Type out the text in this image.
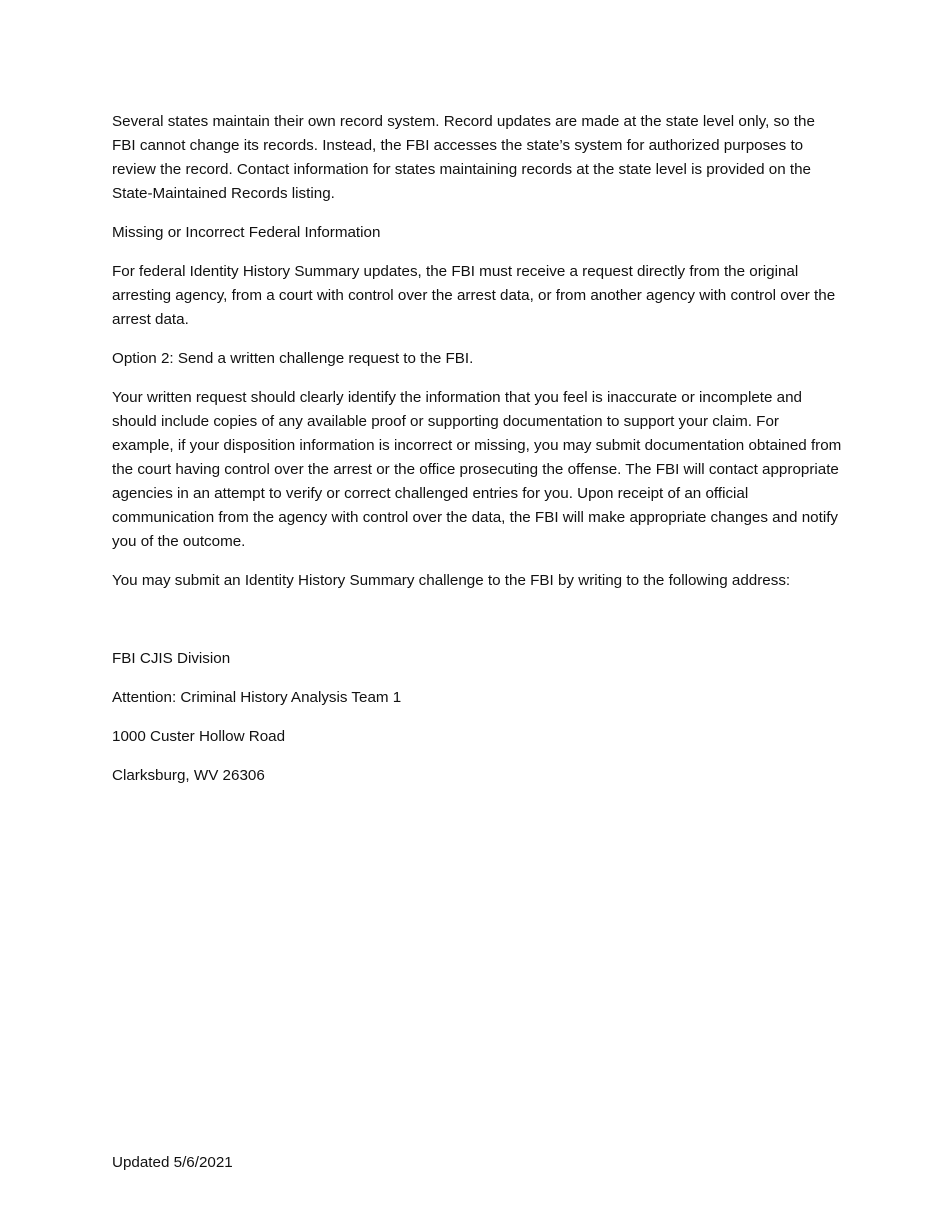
Several states maintain their own record system. Record updates are made at the state level only, so the FBI cannot change its records. Instead, the FBI accesses the state’s system for authorized purposes to review the record. Contact information for states maintaining records at the state level is provided on the State-Maintained Records listing.

Missing or Incorrect Federal Information

For federal Identity History Summary updates, the FBI must receive a request directly from the original arresting agency, from a court with control over the arrest data, or from another agency with control over the arrest data.

Option 2: Send a written challenge request to the FBI.

Your written request should clearly identify the information that you feel is inaccurate or incomplete and should include copies of any available proof or supporting documentation to support your claim. For example, if your disposition information is incorrect or missing, you may submit documentation obtained from the court having control over the arrest or the office prosecuting the offense. The FBI will contact appropriate agencies in an attempt to verify or correct challenged entries for you. Upon receipt of an official communication from the agency with control over the data, the FBI will make appropriate changes and notify you of the outcome.

You may submit an Identity History Summary challenge to the FBI by writing to the following address:

FBI CJIS Division

Attention: Criminal History Analysis Team 1

1000 Custer Hollow Road

Clarksburg, WV 26306

Updated 5/6/2021
